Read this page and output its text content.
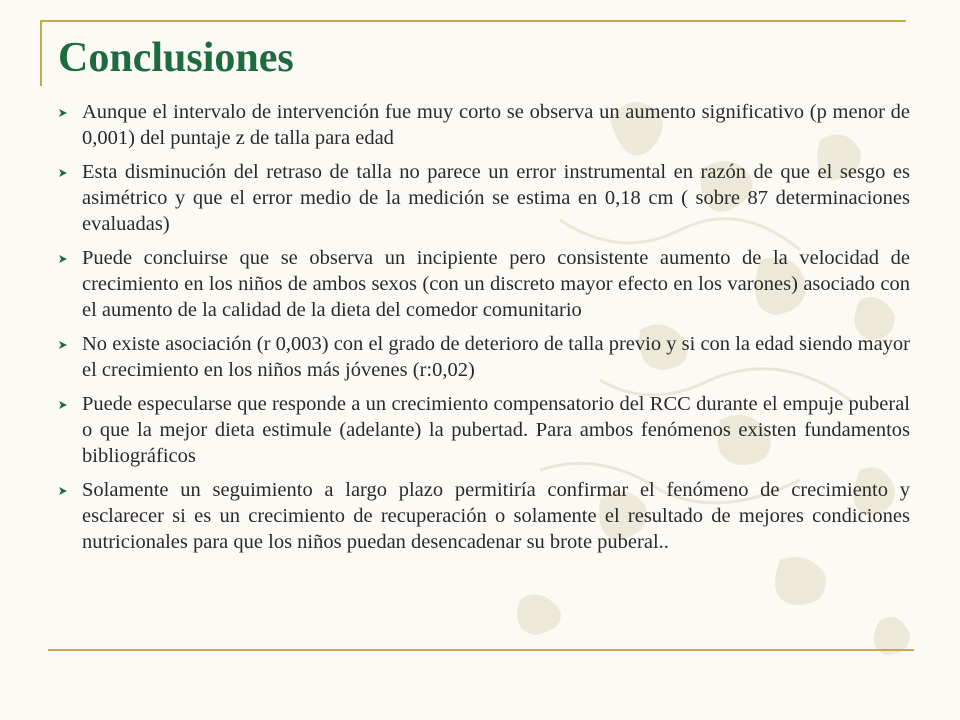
Conclusiones
Aunque el intervalo de intervención fue muy corto se observa un aumento significativo (p menor de 0,001) del puntaje z de talla para edad
Esta disminución del retraso de talla no parece un error instrumental en razón de que el sesgo es asimétrico y que el error medio de la medición se estima en 0,18 cm ( sobre 87 determinaciones evaluadas)
Puede concluirse que se observa un incipiente pero consistente aumento de la velocidad de crecimiento en los niños de ambos sexos (con un discreto mayor efecto en los varones) asociado con el aumento de la calidad de la dieta del comedor comunitario
No existe asociación (r 0,003) con el grado de deterioro de talla previo y si con la edad siendo mayor el crecimiento en los niños más jóvenes (r:0,02)
Puede especularse que responde a un crecimiento compensatorio del RCC durante el empuje puberal o que la mejor dieta estimule (adelante) la pubertad. Para ambos fenómenos existen fundamentos bibliográficos
Solamente un seguimiento a largo plazo permitiría confirmar el fenómeno de crecimiento y esclarecer si es un crecimiento de recuperación o solamente el resultado de mejores condiciones nutricionales para que los niños puedan desencadenar su brote puberal..
